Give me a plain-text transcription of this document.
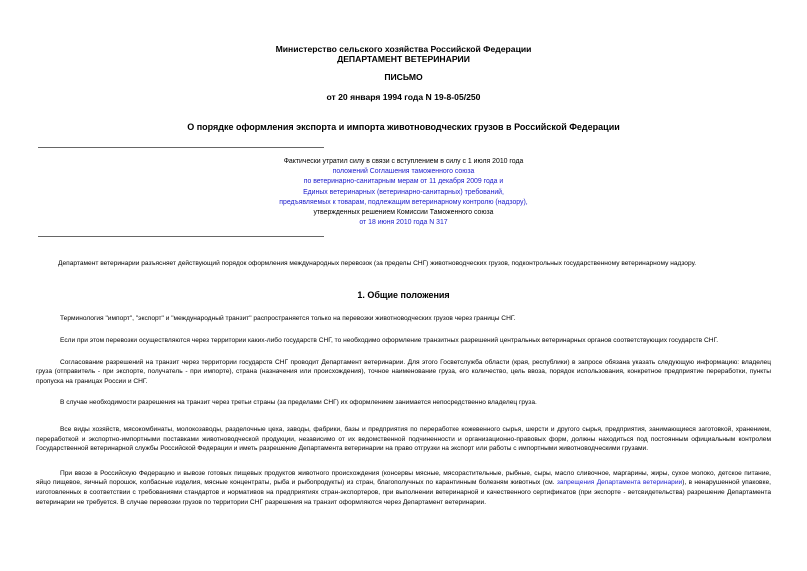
Министерство сельского хозяйства Российской Федерации
ДЕПАРТАМЕНТ ВЕТЕРИНАРИИ
ПИСЬМО
от 20 января 1994 года N 19-8-05/250
О порядке оформления экспорта и импорта животноводческих грузов в Российской Федерации
Фактически утратил силу в связи с вступлением в силу с 1 июля 2010 года
положений Соглашения таможенного союза
по ветеринарно-санитарным мерам от 11 декабря 2009 года и
Единых ветеринарных (ветеринарно-санитарных) требований,
предъявляемых к товарам, подлежащим ветеринарному контролю (надзору),
утвержденных решением Комиссии Таможенного союза
от 18 июня 2010 года N 317
Департамент ветеринарии разъясняет действующий порядок оформления международных перевозок (за пределы СНГ) животноводческих грузов, подконтрольных государственному ветеринарному надзору.
1. Общие положения

Терминология "импорт", "экспорт" и "международный транзит" распространяется только на перевозки животноводческих грузов через границы СНГ.

Если при этом перевозки осуществляются через территории каких-либо государств СНГ, то необходимо оформление транзитных разрешений центральных ветеринарных органов соответствующих государств СНГ.

Согласование разрешений на транзит через территории государств СНГ проводит Департамент ветеринарии. Для этого Госветслужба области (края, республики) в запросе обязана указать следующую информацию: владелец груза (отправитель - при экспорте, получатель - при импорте), страна (назначения или происхождения), точное наименование груза, его количество, цель ввоза, порядок использования, конкретное предприятие переработки, пункты пропуска на границах России и СНГ.

В случае необходимости разрешения на транзит через третьи страны (за пределами СНГ) их оформлением занимается непосредственно владелец груза.

Все виды хозяйств, мясокомбинаты, молокозаводы, разделочные цеха, заводы, фабрики, базы и предприятия по переработке кожевенного сырья, шерсти и другого сырья, предприятия, занимающиеся заготовкой, хранением, переработкой и экспортно-импортными поставками животноводческой продукции, независимо от их ведомственной подчиненности и организационно-правовых форм, должны находиться под постоянным официальным контролем Государственной ветеринарной службы Российской Федерации и иметь разрешение Департамента ветеринарии на право отгрузки на экспорт или работы с импортными животноводческими грузами.

При ввозе в Российскую Федерацию и вывозе готовых пищевых продуктов животного происхождения (консервы мясные, мясорастительные, рыбные, сыры, масло сливочное, маргарины, жиры, сухое молоко, детское питание, яйцо пищевое, яичный порошок, колбасные изделия, мясные концентраты, рыба и рыбопродукты) из стран, благополучных по карантинным болезням животных (см. запрещения Департамента ветеринарии), в ненарушенной упаковке, изготовленных в соответствии с требованиями стандартов и нормативов на предприятиях стран-экспортеров, при выполнении ветеринарной и качественного сертификатов (при экспорте - ветсвидетельства) разрешение Департамента ветеринарии не требуется. В случае перевозки грузов по территории СНГ разрешения на транзит оформляются через Департамент ветеринарии.
